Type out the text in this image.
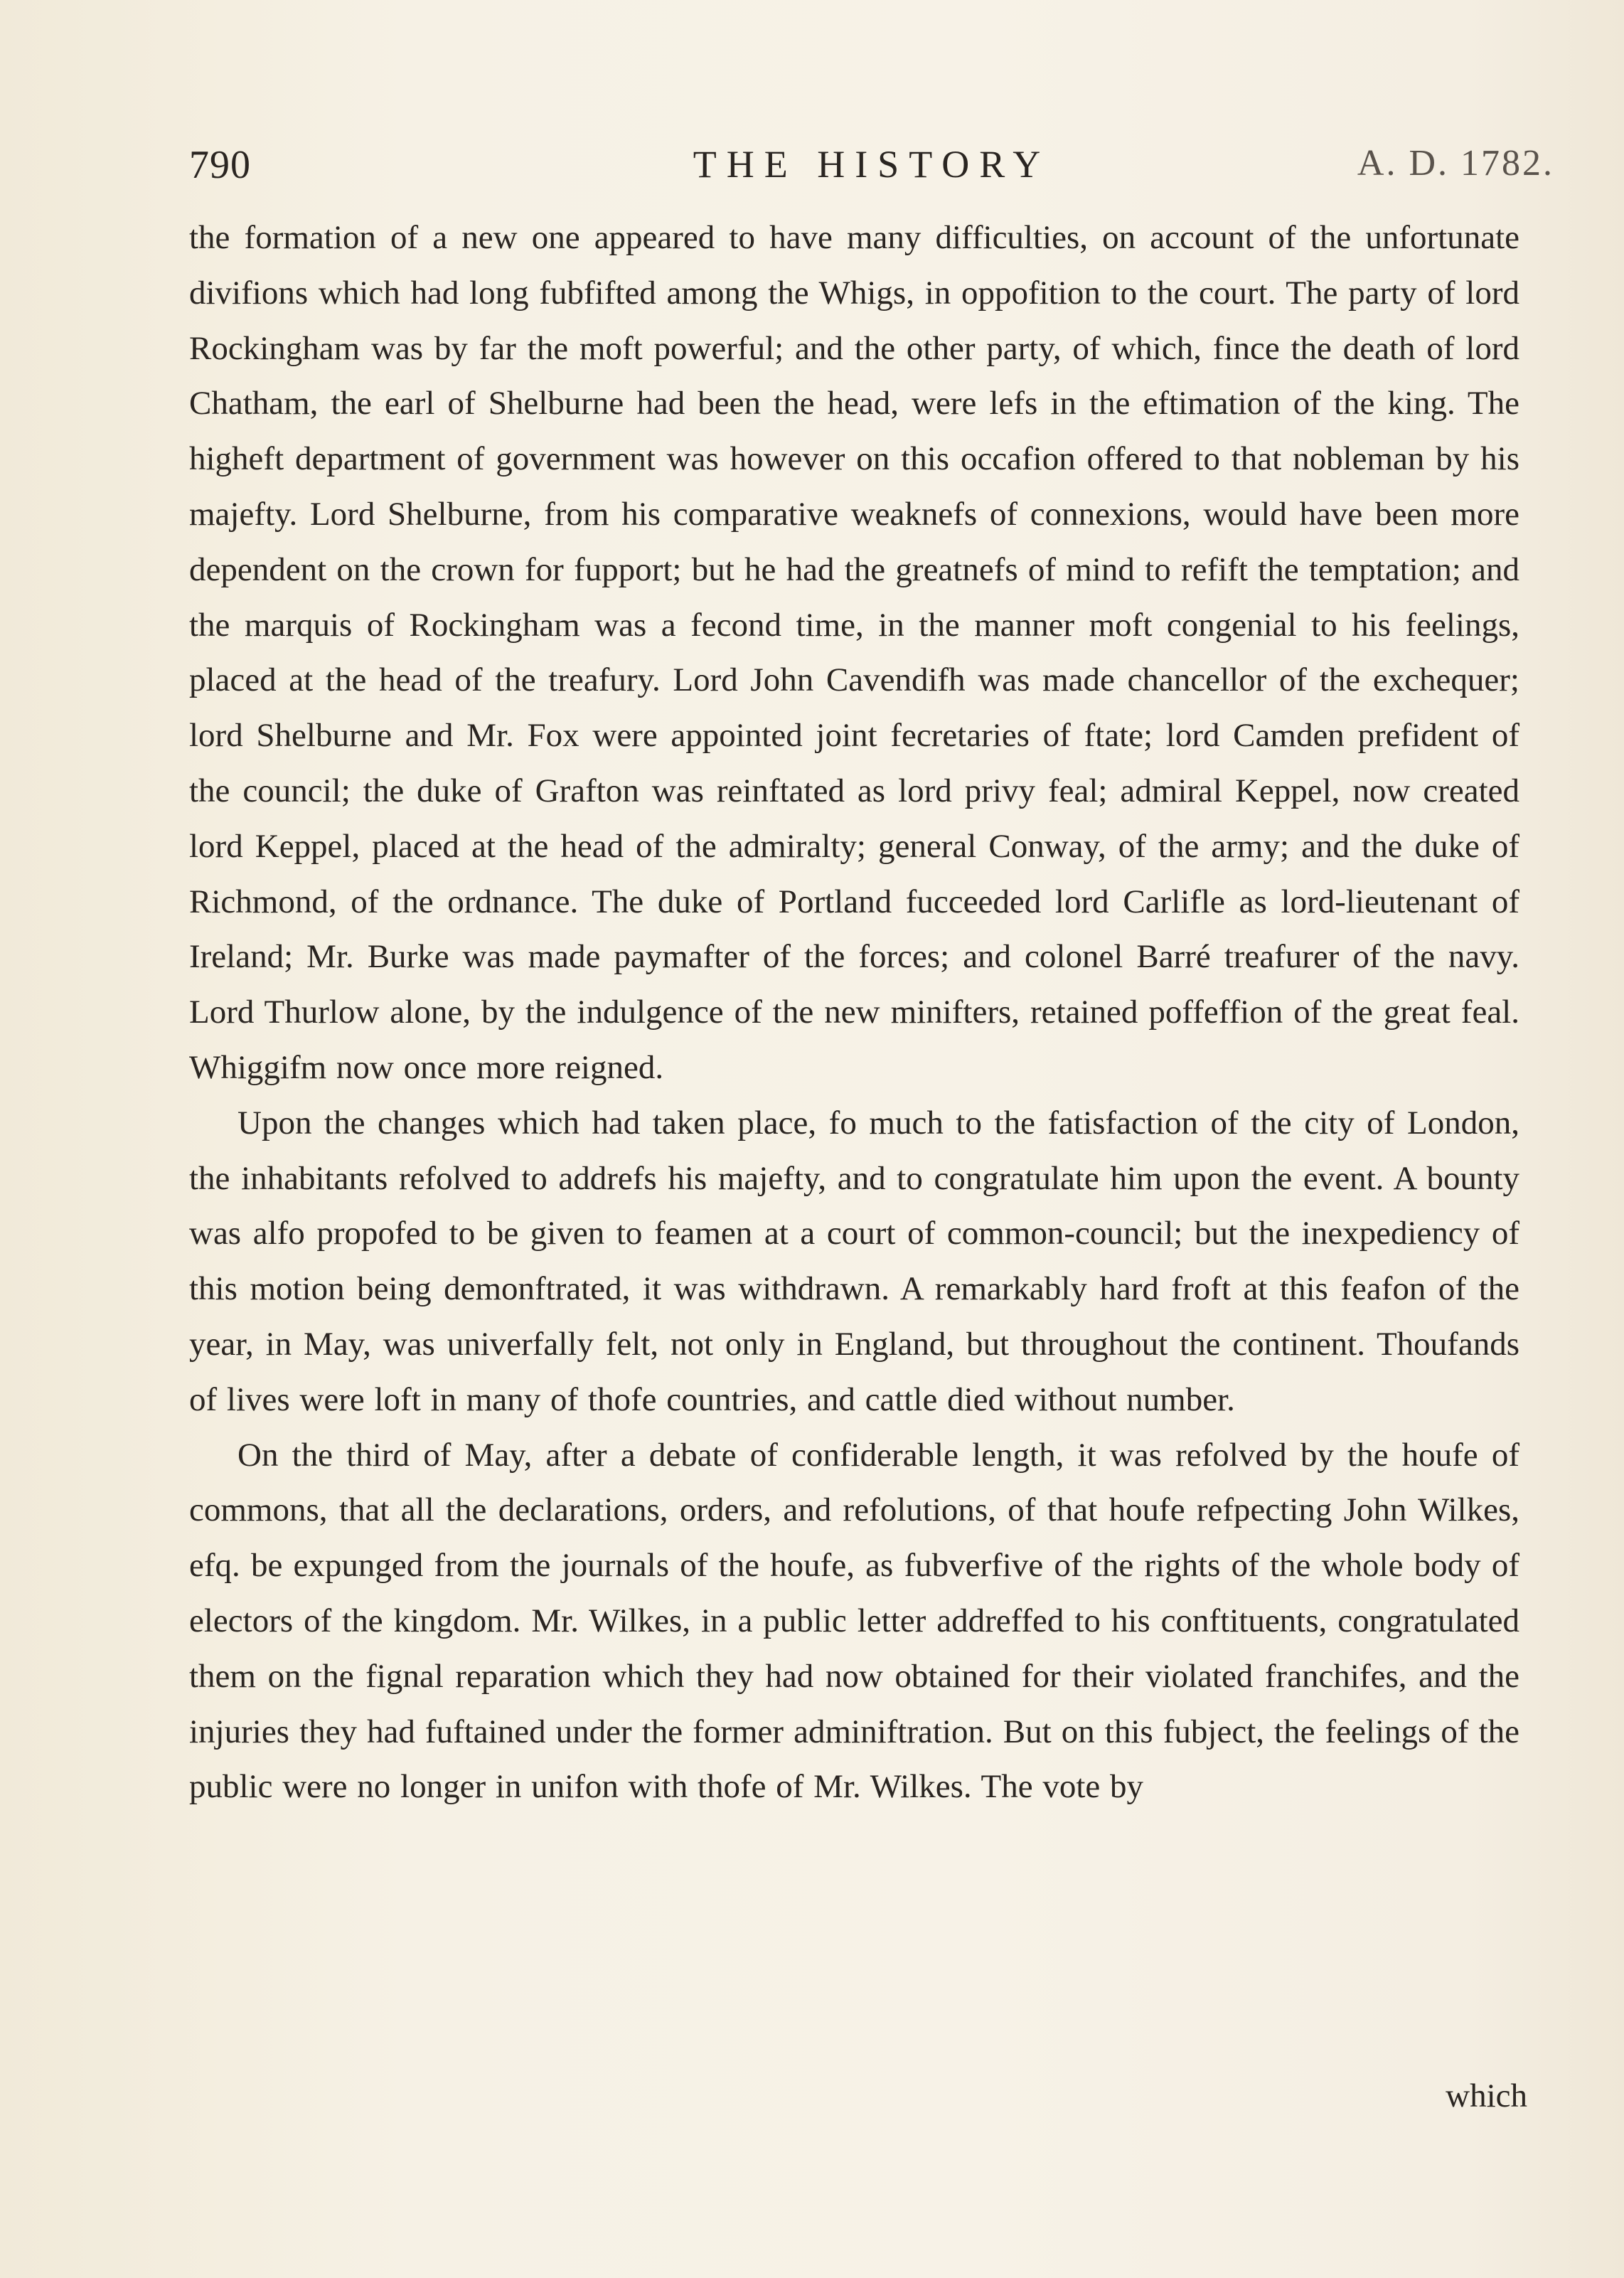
790	THE HISTORY	A. D. 1782.

the formation of a new one appeared to have many difficulties, on account of the unfortunate divifions which had long fubfifted among the Whigs, in oppofition to the court. The party of lord Rockingham was by far the moft powerful; and the other party, of which, fince the death of lord Chatham, the earl of Shelburne had been the head, were lefs in the eftimation of the king. The higheft department of government was however on this occafion offered to that nobleman by his majefty. Lord Shelburne, from his comparative weaknefs of connexions, would have been more dependent on the crown for fupport; but he had the greatnefs of mind to refift the temptation; and the marquis of Rockingham was a fecond time, in the manner moft congenial to his feelings, placed at the head of the treafury. Lord John Cavendifh was made chancellor of the exchequer; lord Shelburne and Mr. Fox were appointed joint fecretaries of ftate; lord Camden prefident of the council; the duke of Grafton was reinftated as lord privy feal; admiral Keppel, now created lord Keppel, placed at the head of the admiralty; general Conway, of the army; and the duke of Richmond, of the ordnance. The duke of Portland fucceeded lord Carlifle as lord-lieutenant of Ireland; Mr. Burke was made paymafter of the forces; and colonel Barré treafurer of the navy. Lord Thurlow alone, by the indulgence of the new minifters, retained poffeffion of the great feal. Whiggifm now once more reigned.

Upon the changes which had taken place, fo much to the fatisfaction of the city of London, the inhabitants refolved to addrefs his majefty, and to congratulate him upon the event. A bounty was alfo propofed to be given to feamen at a court of common-council; but the inexpediency of this motion being demonftrated, it was withdrawn. A remarkably hard froft at this feafon of the year, in May, was univerfally felt, not only in England, but throughout the continent. Thoufands of lives were loft in many of thofe countries, and cattle died without number.

On the third of May, after a debate of confiderable length, it was refolved by the houfe of commons, that all the declarations, orders, and refolutions, of that houfe refpecting John Wilkes, efq. be expunged from the journals of the houfe, as fubverfive of the rights of the whole body of electors of the kingdom. Mr. Wilkes, in a public letter addreffed to his conftituents, congratulated them on the fignal reparation which they had now obtained for their violated franchifes, and the injuries they had fuftained under the former adminiftration. But on this fubject, the feelings of the public were no longer in unifon with thofe of Mr. Wilkes. The vote by

which
